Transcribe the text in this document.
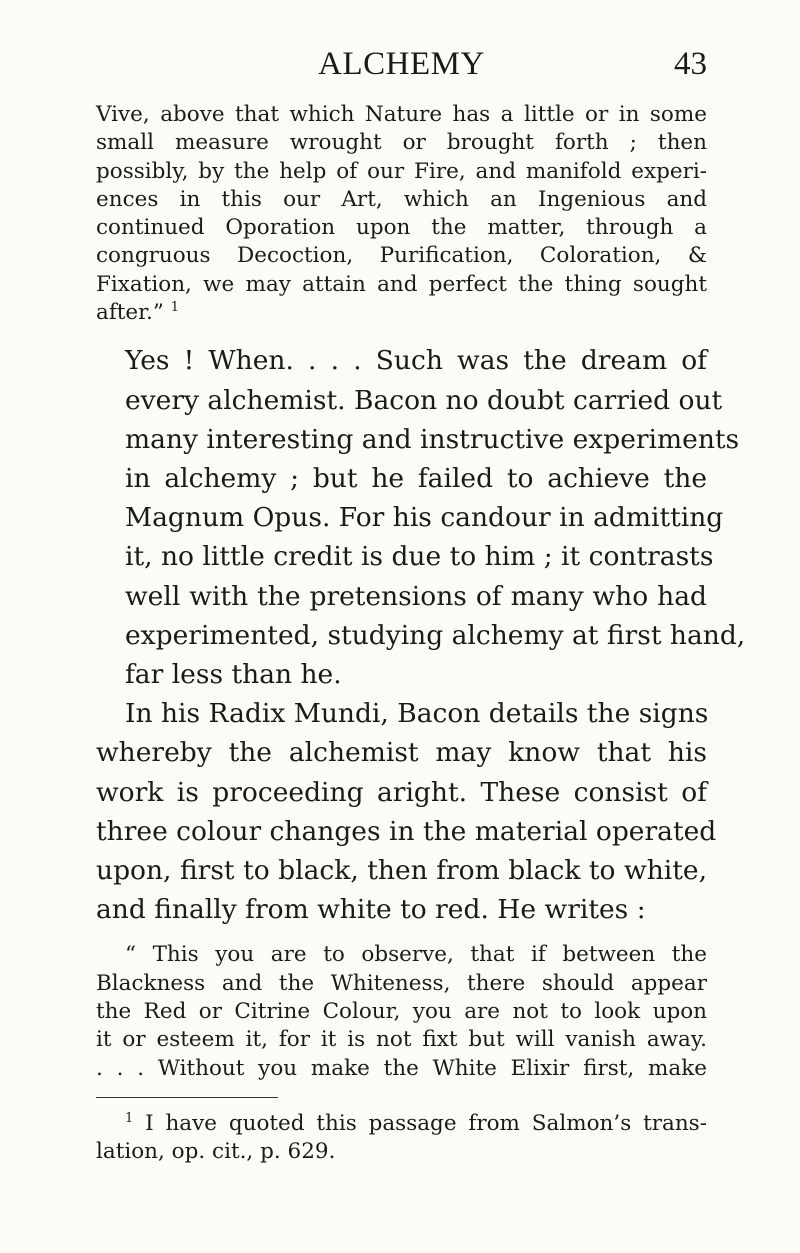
ALCHEMY	43
Vive, above that which Nature has a little or in some
small measure wrought or brought forth ; then
possibly, by the help of our Fire, and manifold experi-
ences in this our Art, which an Ingenious and
continued Oporation upon the matter, through a
congruous Decoction, Purification, Coloration, &
Fixation, we may attain and perfect the thing sought
after.” $^1$
Yes ! When. . . . Such was the dream of
every alchemist. Bacon no doubt carried out
many interesting and instructive experiments
in alchemy ; but he failed to achieve the
Magnum Opus. For his candour in admitting
it, no little credit is due to him ; it contrasts
well with the pretensions of many who had
experimented, studying alchemy at first hand,
far less than he.
In his Radix Mundi, Bacon details the signs
whereby the alchemist may know that his
work is proceeding aright. These consist of
three colour changes in the material operated
upon, first to black, then from black to white,
and finally from white to red. He writes :
“ This you are to observe, that if between the
Blackness and the Whiteness, there should appear
the Red or Citrine Colour, you are not to look upon
it or esteem it, for it is not fixt but will vanish away.
. . . Without you make the White Elixir first, make
$^1$ I have quoted this passage from Salmon’s trans-
lation, op. cit., p. 629.
